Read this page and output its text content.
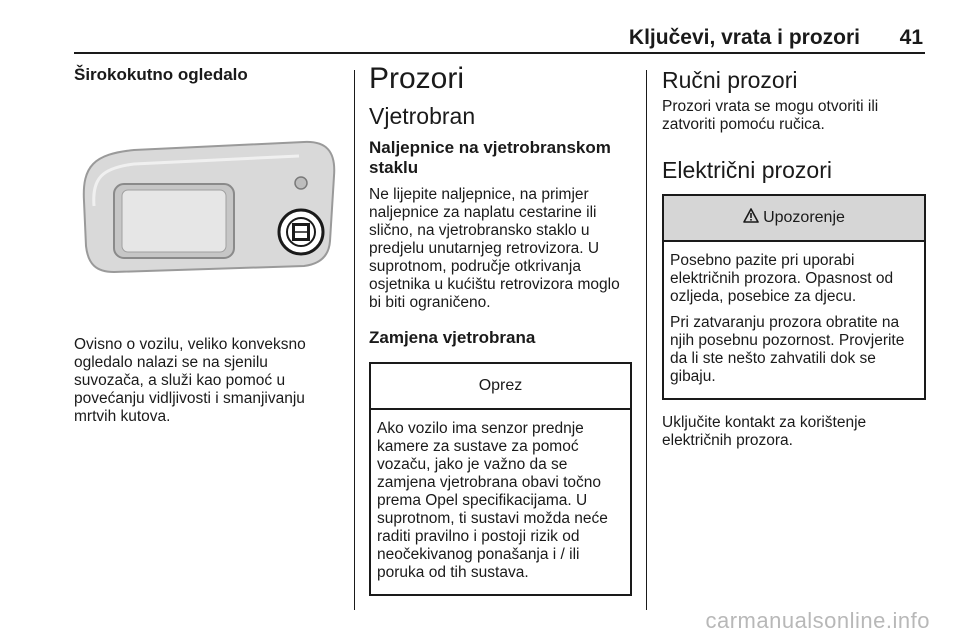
Ključevi, vrata i prozori 41
Širokokutno ogledalo

Ovisno o vozilu, veliko konveksno

ogledalo nalazi se na sjenilu

suvozača, a služi kao pomoć u

povećanju vidljivosti i smanjivanju

mrtvih kutova.

Prozori
Vjetrobran
Naljepnice na vjetrobranskom
staklu

Ne lijepite naljepnice, na primjer

naljepnice za naplatu cestarine ili

slično, na vjetrobransko staklo u

predjelu unutarnjeg retrovizora. U

suprotnom, područje otkrivanja

osjetnika u kućištu retrovizora moglo

bi biti ograničeno.

Zamjena vjetrobrana
Oprez

Ako vozilo ima senzor prednje

kamere za sustave za pomoć

vozaču, jako je važno da se

zamjena vjetrobrana obavi točno

prema Opel specifikacijama. U

suprotnom, ti sustavi možda neće

raditi pravilno i postoji rizik od

neočekivanog ponašanja i / ili

poruka od tih sustava.

Ručni prozori

Prozori vrata se mogu otvoriti ili

zatvoriti pomoću ručica.

Električni prozori
Upozorenje

Posebno pazite pri uporabi

električnih prozora. Opasnost od

ozljeda, posebice za djecu.

Pri zatvaranju prozora obratite na

njih posebnu pozornost. Provjerite

da li ste nešto zahvatili dok se

gibaju.

Uključite kontakt za korištenje

električnih prozora.

carmanualsonline.info
